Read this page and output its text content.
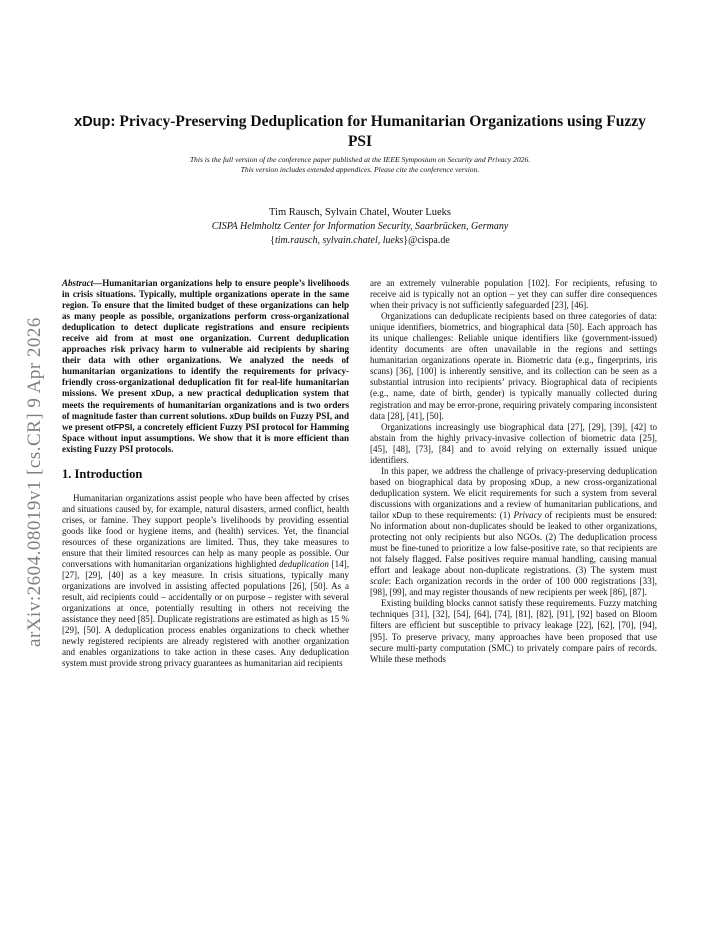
arXiv:2604.08019v1 [cs.CR] 9 Apr 2026
xDup: Privacy-Preserving Deduplication for Humanitarian Organizations using Fuzzy PSI
This is the full version of the conference paper published at the IEEE Symposium on Security and Privacy 2026.
This version includes extended appendices. Please cite the conference version.
Tim Rausch, Sylvain Chatel, Wouter Lueks
CISPA Helmholtz Center for Information Security, Saarbrücken, Germany
{tim.rausch, sylvain.chatel, lueks}@cispa.de

Abstract—Humanitarian organizations help to ensure people’s livelihoods in crisis situations. Typically, multiple organizations operate in the same region. To ensure that the limited budget of these organizations can help as many people as possible, organizations perform cross-organizational deduplication to detect duplicate registrations and ensure recipients receive aid from at most one organization. Current deduplication approaches risk privacy harm to vulnerable aid recipients by sharing their data with other organizations. We analyzed the needs of humanitarian organizations to identify the requirements for privacy-friendly cross-organizational deduplication fit for real-life humanitarian missions. We present xDup, a new practical deduplication system that meets the requirements of humanitarian organizations and is two orders of magnitude faster than current solutions. xDup builds on Fuzzy PSI, and we present otFPSI, a concretely efficient Fuzzy PSI protocol for Hamming Space without input assumptions. We show that it is more efficient than existing Fuzzy PSI protocols.

1. Introduction

Humanitarian organizations assist people who have been affected by crises and situations caused by, for example, natural disasters, armed conflict, health crises, or famine. They support people’s livelihoods by providing essential goods like food or hygiene items, and (health) services. Yet, the financial resources of these organizations are limited. Thus, they take measures to ensure that their limited resources can help as many people as possible. Our conversations with humanitarian organizations highlighted deduplication [14], [27], [29], [40] as a key measure. In crisis situations, typically many organizations are involved in assisting affected populations [26], [50]. As a result, aid recipients could – accidentally or on purpose – register with several organizations at once, potentially resulting in others not receiving the assistance they need [85]. Duplicate registrations are estimated as high as 15 % [29], [50]. A deduplication process enables organizations to check whether newly registered recipients are already registered with another organization and enables organizations to take action in these cases. Any deduplication system must provide strong privacy guarantees as humanitarian aid recipients

are an extremely vulnerable population [102]. For recipients, refusing to receive aid is typically not an option – yet they can suffer dire consequences when their privacy is not sufficiently safeguarded [23], [46].

Organizations can deduplicate recipients based on three categories of data: unique identifiers, biometrics, and biographical data [50]. Each approach has its unique challenges: Reliable unique identifiers like (government-issued) identity documents are often unavailable in the regions and settings humanitarian organizations operate in. Biometric data (e.g., fingerprints, iris scans) [36], [100] is inherently sensitive, and its collection can be seen as a substantial intrusion into recipients’ privacy. Biographical data of recipients (e.g., name, date of birth, gender) is typically manually collected during registration and may be error-prone, requiring privately comparing inconsistent data [28], [41], [50].

Organizations increasingly use biographical data [27], [29], [39], [42] to abstain from the highly privacy-invasive collection of biometric data [25], [45], [48], [73], [84] and to avoid relying on externally issued unique identifiers.

In this paper, we address the challenge of privacy-preserving deduplication based on biographical data by proposing xDup, a new cross-organizational deduplication system. We elicit requirements for such a system from several discussions with organizations and a review of humanitarian publications, and tailor xDup to these requirements: (1) Privacy of recipients must be ensured: No information about non-duplicates should be leaked to other organizations, protecting not only recipients but also NGOs. (2) The deduplication process must be fine-tuned to prioritize a low false-positive rate, so that recipients are not falsely flagged. False positives require manual handling, causing manual effort and leakage about non-duplicate registrations. (3) The system must scale: Each organization records in the order of 100 000 registrations [33], [98], [99], and may register thousands of new recipients per week [86], [87].

Existing building blocks cannot satisfy these requirements. Fuzzy matching techniques [31], [32], [54], [64], [74], [81], [82], [91], [92] based on Bloom filters are efficient but susceptible to privacy leakage [22], [62], [70], [94], [95]. To preserve privacy, many approaches have been proposed that use secure multi-party computation (SMC) to privately compare pairs of records. While these methods
